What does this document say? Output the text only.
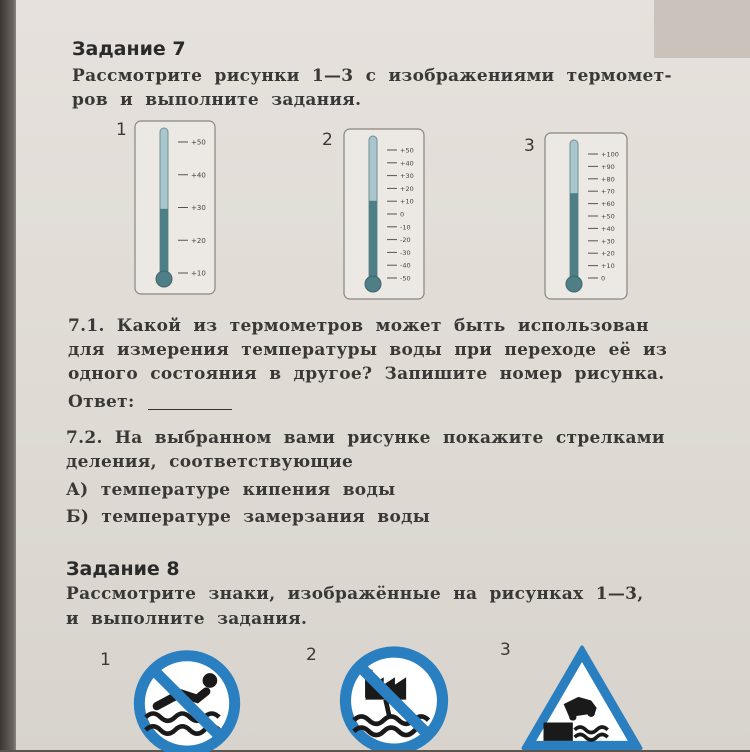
Задание 7
Рассмотрите рисунки 1—3 с изображениями термомет-
ров и выполните задания.
1	2	3
+50
+40
+30
+20
+10
+50
+40
+30
+20
+10
0
-10
-20
-30
-40
-50
+100
+90
+80
+70
+60
+50
+40
+30
+20
+10
0
7.1. Какой из термометров может быть использован
для измерения температуры воды при переходе её из
одного состояния в другое? Запишите номер рисунка.
Ответ:
7.2. На выбранном вами рисунке покажите стрелками
деления, соответствующие
А) температуре кипения воды
Б) температуре замерзания воды
Задание 8
Рассмотрите знаки, изображённые на рисунках 1—3,
и выполните задания.
1	2	3
